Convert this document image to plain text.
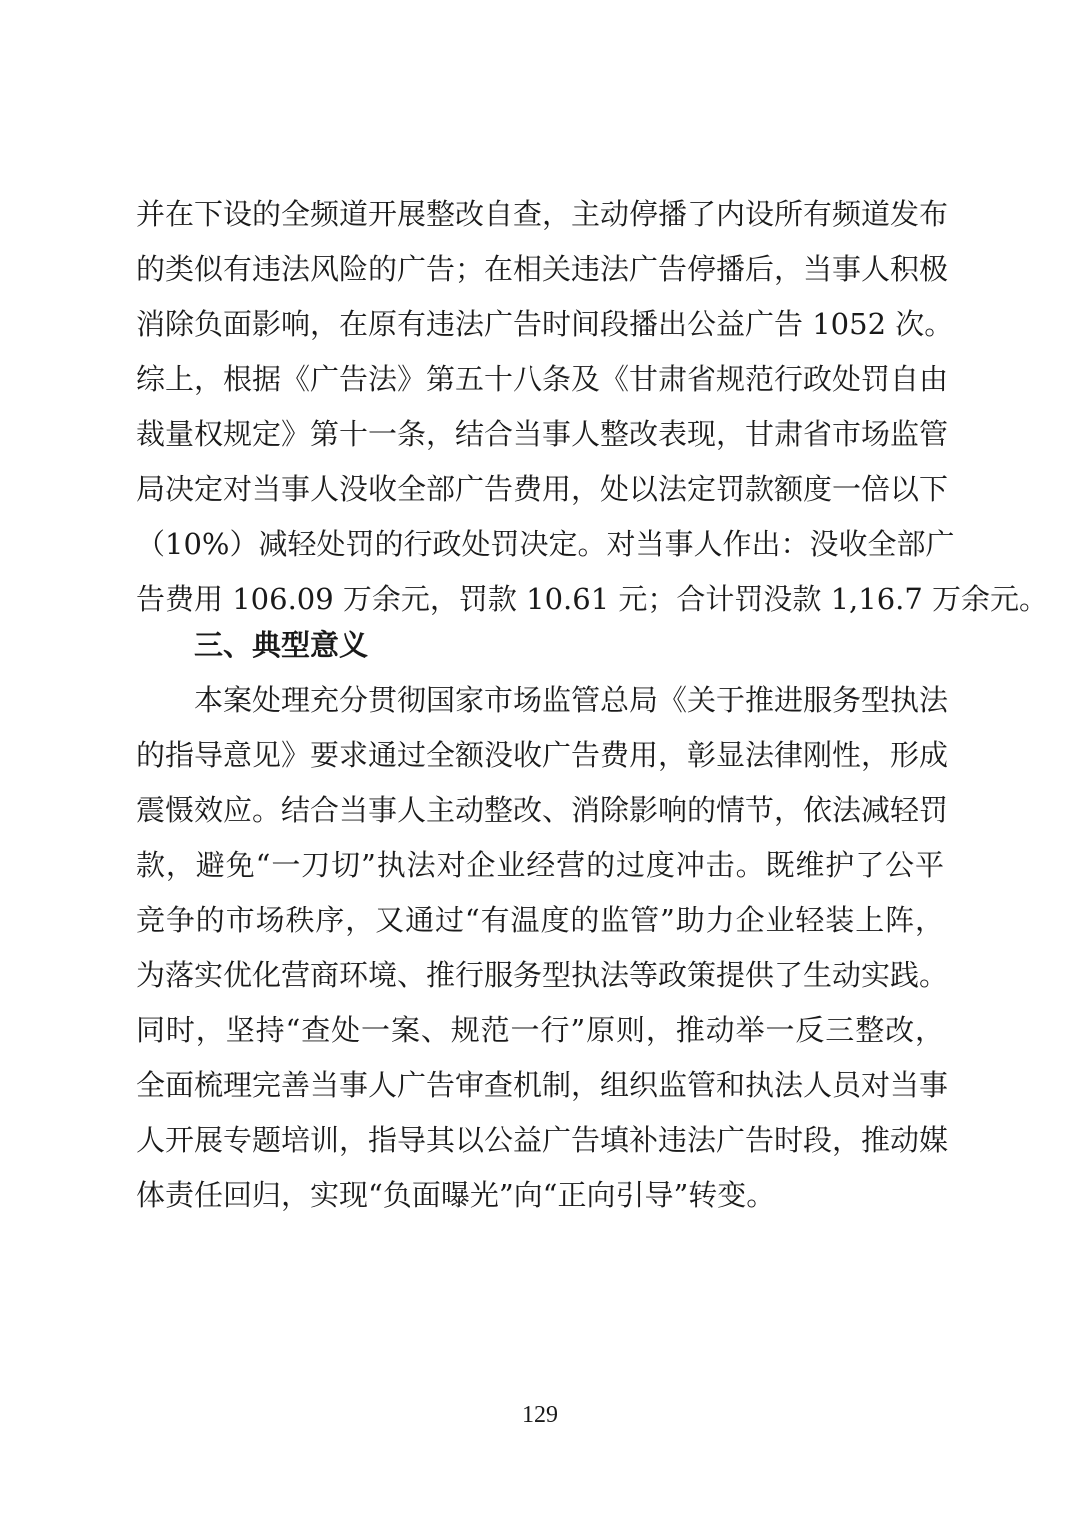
并在下设的全频道开展整改自查，主动停播了内设所有频道发布
的类似有违法风险的广告；在相关违法广告停播后，当事人积极
消除负面影响，在原有违法广告时间段播出公益广告 1052 次。
综上，根据《广告法》第五十八条及《甘肃省规范行政处罚自由
裁量权规定》第十一条，结合当事人整改表现，甘肃省市场监管
局决定对当事人没收全部广告费用，处以法定罚款额度一倍以下
（10%）减轻处罚的行政处罚决定。对当事人作出：没收全部广
告费用 106.09 万余元，罚款 10.61 元；合计罚没款 1,16.7 万余元。
三、典型意义
本案处理充分贯彻国家市场监管总局《关于推进服务型执法
的指导意见》要求通过全额没收广告费用，彰显法律刚性，形成
震慑效应。结合当事人主动整改、消除影响的情节，依法减轻罚
款，避免“一刀切”执法对企业经营的过度冲击。既维护了公平
竞争的市场秩序，又通过“有温度的监管”助力企业轻装上阵，
为落实优化营商环境、推行服务型执法等政策提供了生动实践。
同时，坚持“查处一案、规范一行”原则，推动举一反三整改，
全面梳理完善当事人广告审查机制，组织监管和执法人员对当事
人开展专题培训，指导其以公益广告填补违法广告时段，推动媒
体责任回归，实现“负面曝光”向“正向引导”转变。
129
